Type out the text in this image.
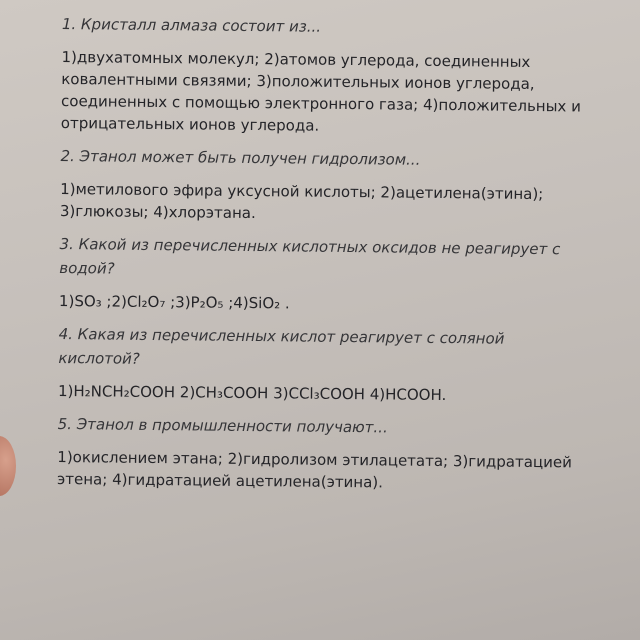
1. Кристалл алмаза состоит из...

1)двухатомных молекул; 2)атомов углерода, соединенных ковалентными связями; 3)положительных ионов углерода, соединенных с помощью электронного газа; 4)положительных и отрицательных ионов углерода.

2. Этанол может быть получен гидролизом...

1)метилового эфира уксусной кислоты; 2)ацетилена(этина); 3)глюкозы; 4)хлорэтана.

3. Какой из перечисленных кислотных оксидов не реагирует с водой?

1)SO₃ ;2)Cl₂O₇ ;3)P₂O₅ ;4)SiO₂ .

4. Какая из перечисленных кислот реагирует с соляной кислотой?

1)H₂NCH₂COOH 2)CH₃COOH 3)CCl₃COOH 4)HCOOH.

5. Этанол в промышленности получают...

1)окислением этана; 2)гидролизом этилацетата; 3)гидратацией этена; 4)гидратацией ацетилена(этина).
